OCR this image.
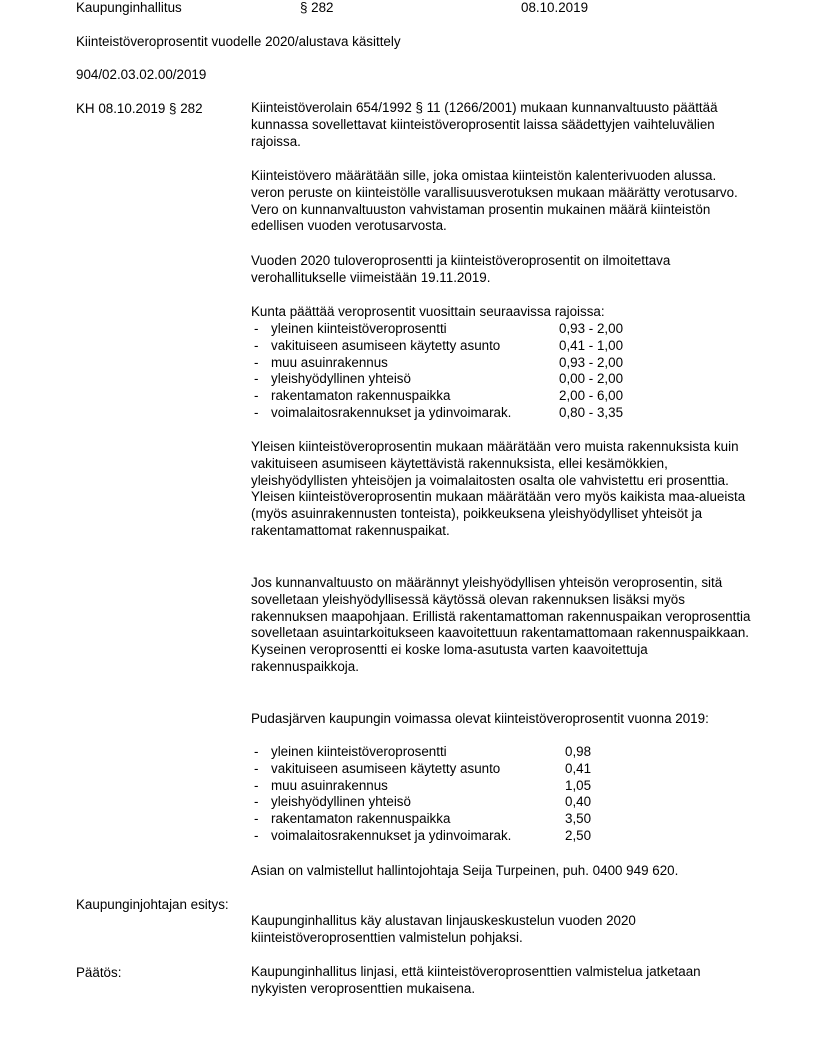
Kaupunginhallitus	§ 282	08.10.2019
Kiinteistöveroprosentit vuodelle 2020/alustava käsittely
904/02.03.02.00/2019
KH 08.10.2019 § 282	Kiinteistöverolain 654/1992 § 11 (1266/2001) mukaan kunnanvaltuusto päättää kunnassa sovellettavat kiinteistöveroprosentit laissa säädettyjen vaihteluvälien rajoissa.
Kiinteistövero määrätään sille, joka omistaa kiinteistön kalenterivuoden alussa. veron peruste on kiinteistölle varallisuusverotuksen mukaan määrätty verotusarvo. Vero on kunnanvaltuuston vahvistaman prosentin mukainen määrä kiinteistön edellisen vuoden verotusarvosta.
Vuoden 2020 tuloveroprosentti ja kiinteistöveroprosentit on ilmoitettava verohallitukselle viimeistään 19.11.2019.
Kunta päättää veroprosentit vuosittain seuraavissa rajoissa:
- yleinen kiinteistöveroprosentti	0,93 - 2,00
- vakituiseen asumiseen käytetty asunto	0,41 - 1,00
- muu asuinrakennus	0,93 - 2,00
- yleishyödyllinen yhteisö	0,00 - 2,00
- rakentamaton rakennuspaikka	2,00 - 6,00
- voimalaitosrakennukset ja ydinvoimarak.	0,80 - 3,35
Yleisen kiinteistöveroprosentin mukaan määrätään vero muista rakennuksista kuin vakituiseen asumiseen käytettävistä rakennuksista, ellei kesämökkien, yleishyödyllisten yhteisöjen ja voimalaitosten osalta ole vahvistettu eri prosenttia. Yleisen kiinteistöveroprosentin mukaan määrätään vero myös kaikista maa-alueista (myös asuinrakennusten tonteista), poikkeuksena yleishyödylliset yhteisöt ja rakentamattomat rakennuspaikat.
Jos kunnanvaltuusto on määrännyt yleishyödyllisen yhteisön veroprosentin, sitä sovelletaan yleishyödyllisessä käytössä olevan rakennuksen lisäksi myös rakennuksen maapohjaan. Erillistä rakentamattoman rakennuspaikan veroprosenttia sovelletaan asuintarkoitukseen kaavoitettuun rakentamattomaan rakennuspaikkaan. Kyseinen veroprosentti ei koske loma-asutusta varten kaavoitettuja rakennuspaikkoja.
Pudasjärven kaupungin voimassa olevat kiinteistöveroprosentit vuonna 2019:
- yleinen kiinteistöveroprosentti	0,98
- vakituiseen asumiseen käytetty asunto	0,41
- muu asuinrakennus	1,05
- yleishyödyllinen yhteisö	0,40
- rakentamaton rakennuspaikka	3,50
- voimalaitosrakennukset ja ydinvoimarak.	2,50
Asian on valmistellut hallintojohtaja Seija Turpeinen, puh. 0400 949 620.
Kaupunginjohtajan esitys:
Kaupunginhallitus käy alustavan linjauskeskustelun vuoden 2020 kiinteistöveroprosenttien valmistelun pohjaksi.
Päätös:	Kaupunginhallitus linjasi, että kiinteistöveroprosenttien valmistelua jatketaan nykyisten veroprosenttien mukaisena.
